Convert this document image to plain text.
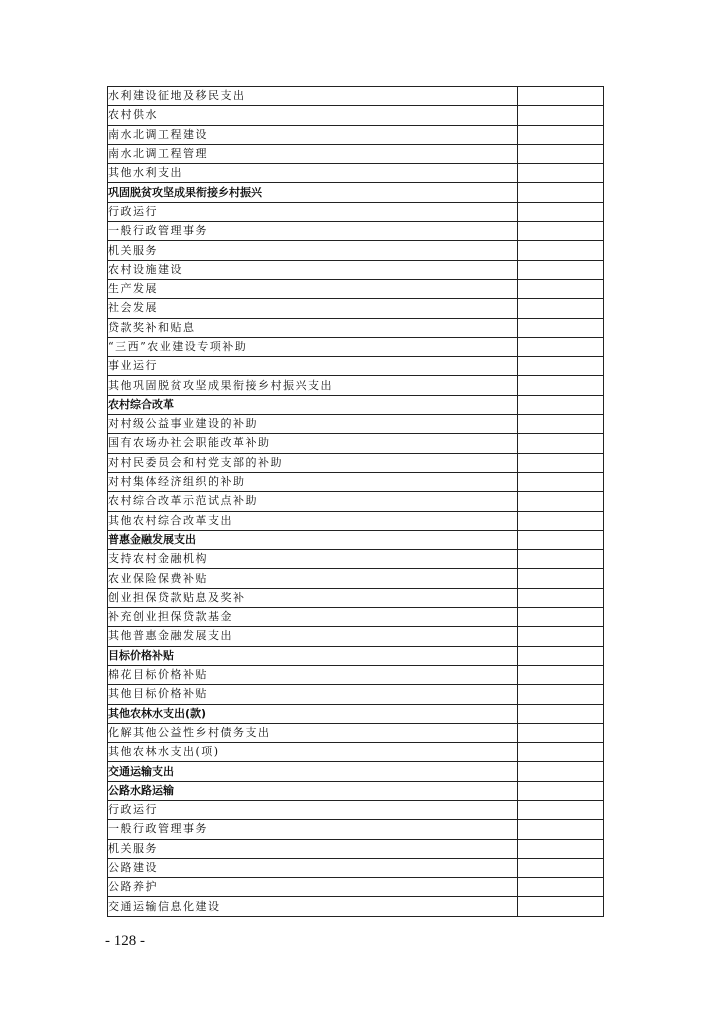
水利建设征地及移民支出	
农村供水	
南水北调工程建设	
南水北调工程管理	
其他水利支出	
巩固脱贫攻坚成果衔接乡村振兴	
行政运行	
一般行政管理事务	
机关服务	
农村设施建设	
生产发展	
社会发展	
贷款奖补和贴息	
“三西”农业建设专项补助	
事业运行	
其他巩固脱贫攻坚成果衔接乡村振兴支出	
农村综合改革	
对村级公益事业建设的补助	
国有农场办社会职能改革补助	
对村民委员会和村党支部的补助	
对村集体经济组织的补助	
农村综合改革示范试点补助	
其他农村综合改革支出	
普惠金融发展支出	
支持农村金融机构	
农业保险保费补贴	
创业担保贷款贴息及奖补	
补充创业担保贷款基金	
其他普惠金融发展支出	
目标价格补贴	
棉花目标价格补贴	
其他目标价格补贴	
其他农林水支出(款)	
化解其他公益性乡村债务支出	
其他农林水支出(项)	
交通运输支出	
公路水路运输	
行政运行	
一般行政管理事务	
机关服务	
公路建设	
公路养护	
交通运输信息化建设	
- 128 -
